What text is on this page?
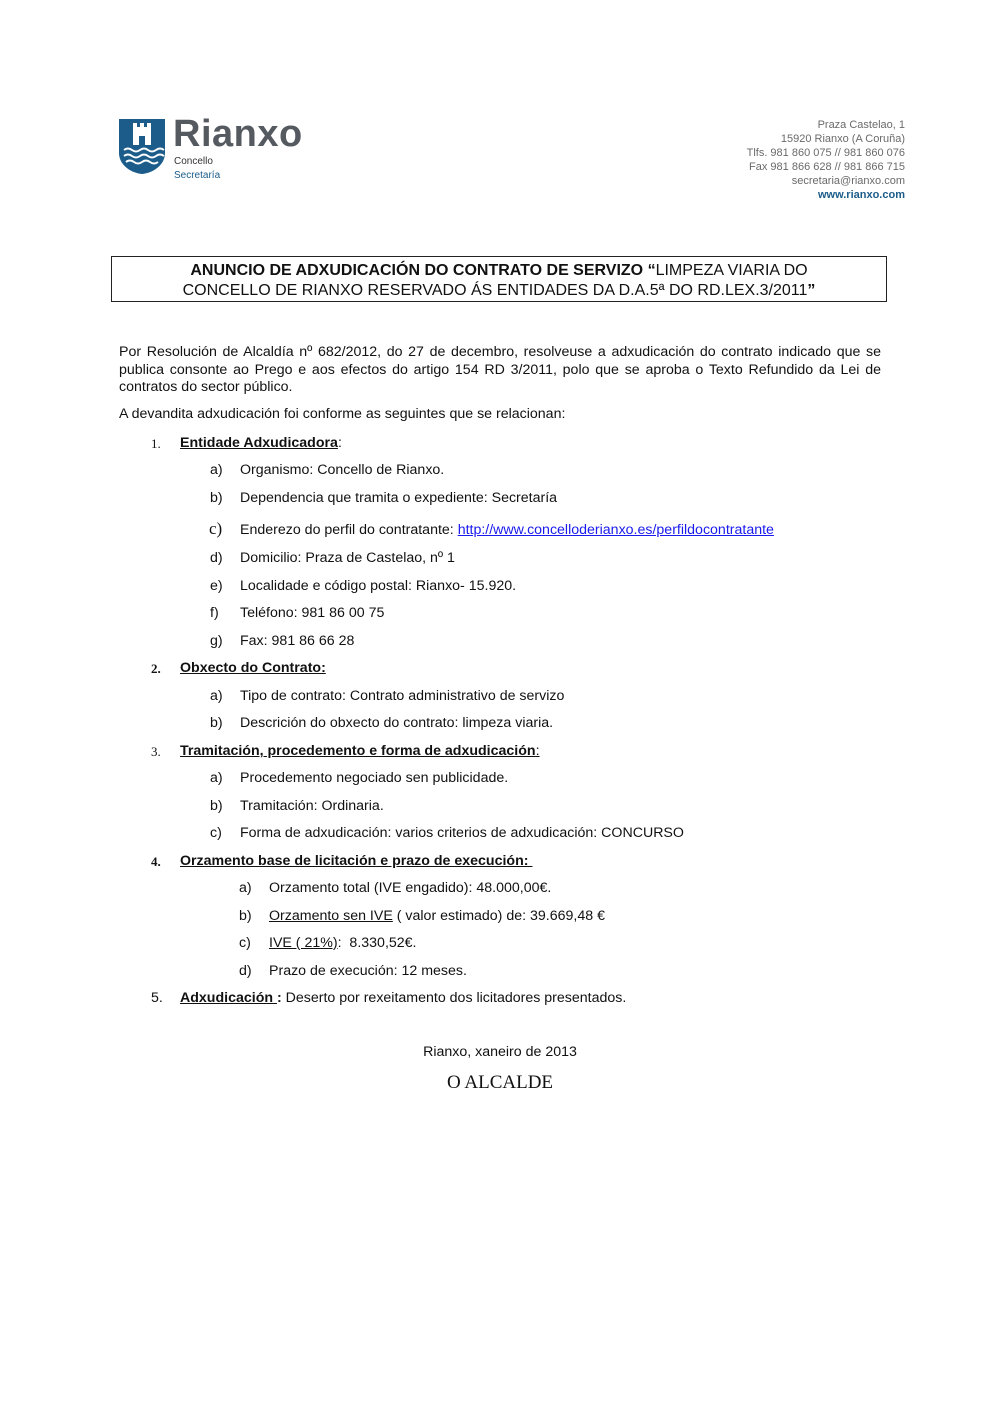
Rianxo
Concello
Secretaría
Praza Castelao, 1
15920 Rianxo (A Coruña)
Tlfs. 981 860 075 // 981 860 076
Fax 981 866 628 // 981 866 715
secretaria@rianxo.com
www.rianxo.com
ANUNCIO DE ADXUDICACIÓN DO CONTRATO DE SERVIZO “LIMPEZA VIARIA DO
CONCELLO DE RIANXO RESERVADO ÁS ENTIDADES DA D.A.5ª DO RD.LEX.3/2011”
Por Resolución de Alcaldía nº 682/2012, do 27 de decembro, resolveuse a adxudicación do contrato indicado que se publica consonte ao Prego e aos efectos do artigo 154 RD 3/2011, polo que se aproba o Texto Refundido da Lei de contratos do sector público.
A devandita adxudicación foi conforme as seguintes que se relacionan:
1. Entidade Adxudicadora:
a) Organismo: Concello de Rianxo.
b) Dependencia que tramita o expediente: Secretaría
c) Enderezo do perfil do contratante: http://www.concelloderianxo.es/perfildocontratante
d) Domicilio: Praza de Castelao, nº 1
e) Localidade e código postal: Rianxo- 15.920.
f) Teléfono: 981 86 00 75
g) Fax: 981 86 66 28
2. Obxecto do Contrato:
a) Tipo de contrato: Contrato administrativo de servizo
b) Descrición do obxecto do contrato: limpeza viaria.
3. Tramitación, procedemento e forma de adxudicación:
a) Procedemento negociado sen publicidade.
b) Tramitación: Ordinaria.
c) Forma de adxudicación: varios criterios de adxudicación: CONCURSO
4. Orzamento base de licitación e prazo de execución:
a) Orzamento total (IVE engadido): 48.000,00€.
b) Orzamento sen IVE ( valor estimado) de: 39.669,48 €
c) IVE ( 21%):  8.330,52€.
d) Prazo de execución: 12 meses.
5. Adxudicación : Deserto por rexeitamento dos licitadores presentados.
Rianxo, xaneiro de 2013
O ALCALDE
